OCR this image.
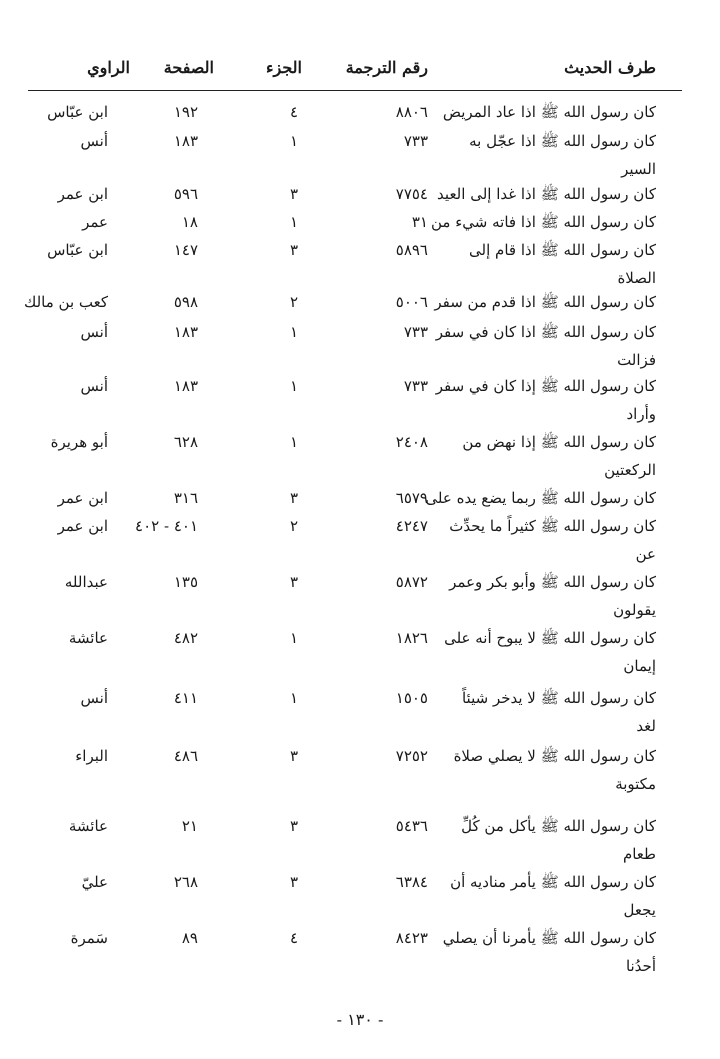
طرف الحديث
رقم الترجمة
الجزء
الصفحة
الراوي
كان رسول الله ﷺ اذا عاد المريض
٨٨٠٦
٤
١٩٢
ابن عبّاس
كان رسول الله ﷺ اذا عجّل به
السير
٧٣٣
١
١٨٣
أنس
كان رسول الله ﷺ اذا غدا إلى العيد
٧٧٥٤
٣
٥٩٦
ابن عمر
كان رسول الله ﷺ اذا فاته شيء من
٣١
١
١٨
عمر
كان رسول الله ﷺ اذا قام إلى
الصلاة
٥٨٩٦
٣
١٤٧
ابن عبّاس
كان رسول الله ﷺ اذا قدم من سفر
٥٠٠٦
٢
٥٩٨
كعب بن مالك
كان رسول الله ﷺ اذا كان في سفر
فزالت
٧٣٣
١
١٨٣
أنس
كان رسول الله ﷺ إذا كان في سفر
وأراد
٧٣٣
١
١٨٣
أنس
كان رسول الله ﷺ إذا نهض من
الركعتين
٢٤٠٨
١
٦٢٨
أبو هريرة
كان رسول الله ﷺ ربما يضع يده على
٦٥٧٩
٣
٣١٦
ابن عمر
كان رسول الله ﷺ كثيراً ما يحدِّث
عن
٤٢٤٧
٢
٤٠١ - ٤٠٢
ابن عمر
كان رسول الله ﷺ وأبو بكر وعمر
يقولون
٥٨٧٢
٣
١٣٥
عبدالله
كان رسول الله ﷺ لا يبوح أنه على
إيمان
١٨٢٦
١
٤٨٢
عائشة
كان رسول الله ﷺ لا يدخر شيئاً
لغد
١٥٠٥
١
٤١١
أنس
كان رسول الله ﷺ لا يصلي صلاة
مكتوبة
٧٢٥٢
٣
٤٨٦
البراء
كان رسول الله ﷺ يأكل من كُلِّ
طعام
٥٤٣٦
٣
٢١
عائشة
كان رسول الله ﷺ يأمر مناديه أن
يجعل
٦٣٨٤
٣
٢٦٨
عليّ
كان رسول الله ﷺ يأمرنا أن يصلي
أحدُنا
٨٤٢٣
٤
٨٩
سَمرة
- ١٣٠ -
